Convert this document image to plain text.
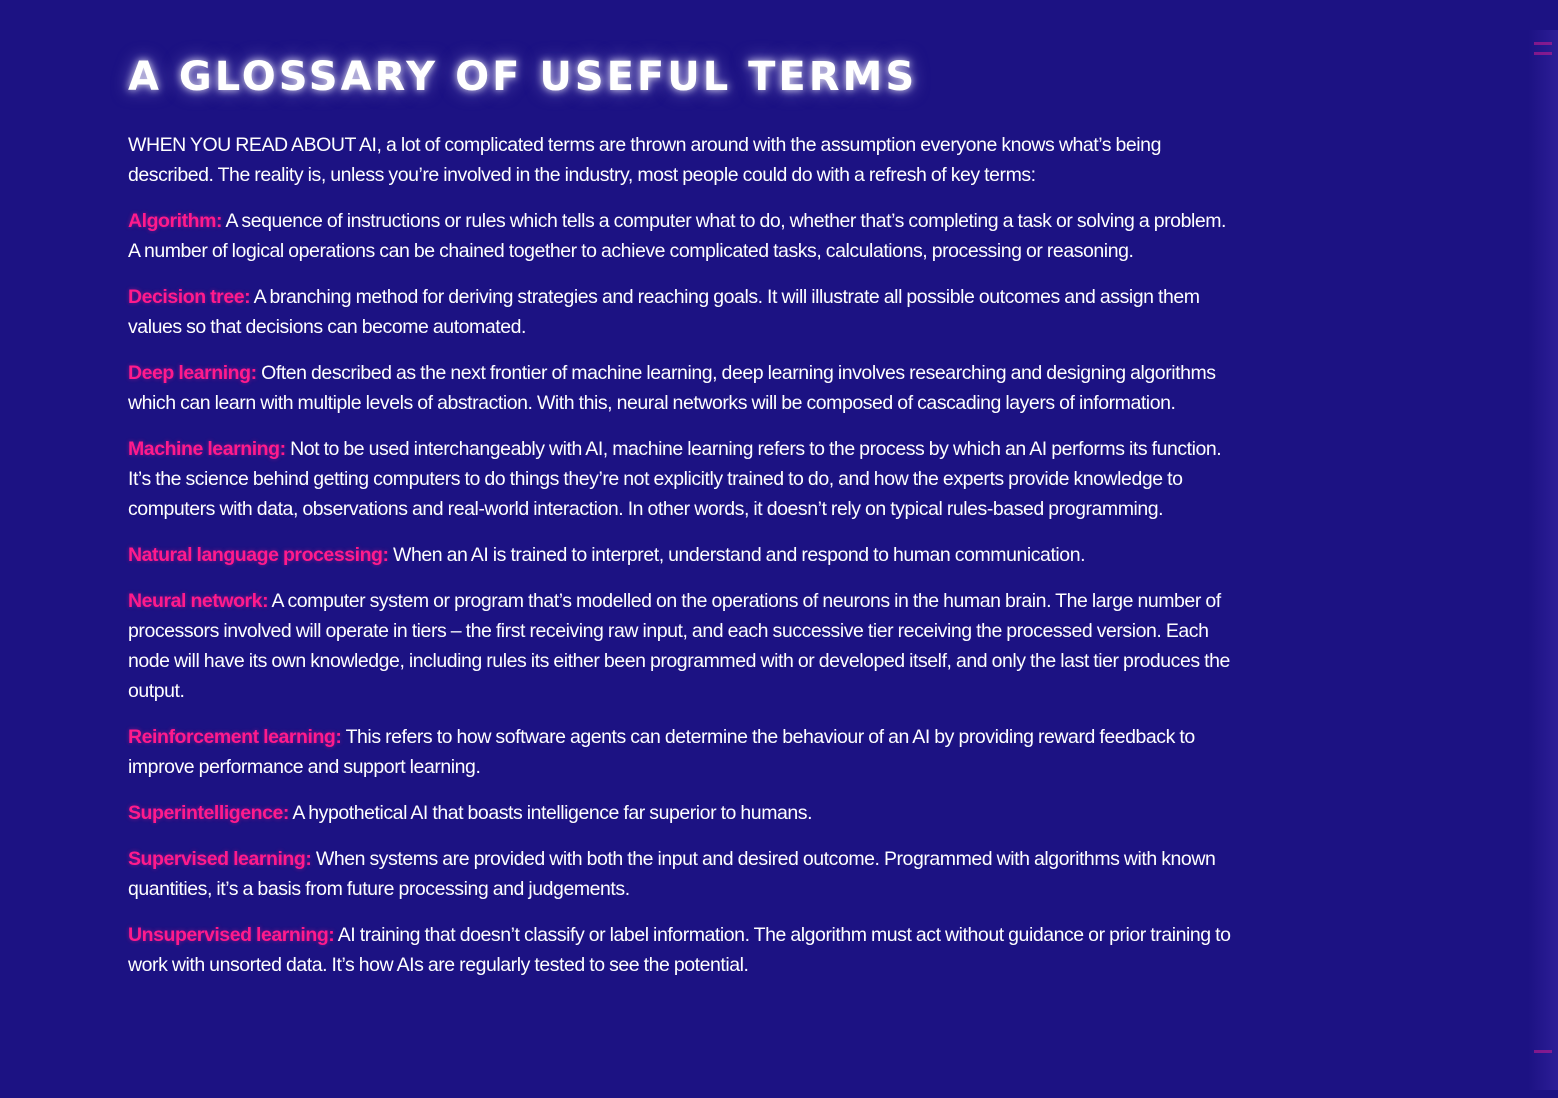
A GLOSSARY OF USEFUL TERMS

WHEN YOU READ ABOUT AI, a lot of complicated terms are thrown around with the assumption everyone knows what’s being described. The reality is, unless you’re involved in the industry, most people could do with a refresh of key terms:

Algorithm: A sequence of instructions or rules which tells a computer what to do, whether that’s completing a task or solving a problem. A number of logical operations can be chained together to achieve complicated tasks, calculations, processing or reasoning.

Decision tree: A branching method for deriving strategies and reaching goals. It will illustrate all possible outcomes and assign them values so that decisions can become automated.

Deep learning: Often described as the next frontier of machine learning, deep learning involves researching and designing algorithms which can learn with multiple levels of abstraction. With this, neural networks will be composed of cascading layers of information.

Machine learning: Not to be used interchangeably with AI, machine learning refers to the process by which an AI performs its function. It’s the science behind getting computers to do things they’re not explicitly trained to do, and how the experts provide knowledge to computers with data, observations and real-world interaction. In other words, it doesn’t rely on typical rules-based programming.

Natural language processing: When an AI is trained to interpret, understand and respond to human communication.

Neural network: A computer system or program that’s modelled on the operations of neurons in the human brain. The large number of processors involved will operate in tiers – the first receiving raw input, and each successive tier receiving the processed version. Each node will have its own knowledge, including rules its either been programmed with or developed itself, and only the last tier produces the output.

Reinforcement learning: This refers to how software agents can determine the behaviour of an AI by providing reward feedback to improve performance and support learning.

Superintelligence: A hypothetical AI that boasts intelligence far superior to humans.

Supervised learning: When systems are provided with both the input and desired outcome. Programmed with algorithms with known quantities, it’s a basis from future processing and judgements.

Unsupervised learning: AI training that doesn’t classify or label information. The algorithm must act without guidance or prior training to work with unsorted data. It’s how AIs are regularly tested to see the potential.
